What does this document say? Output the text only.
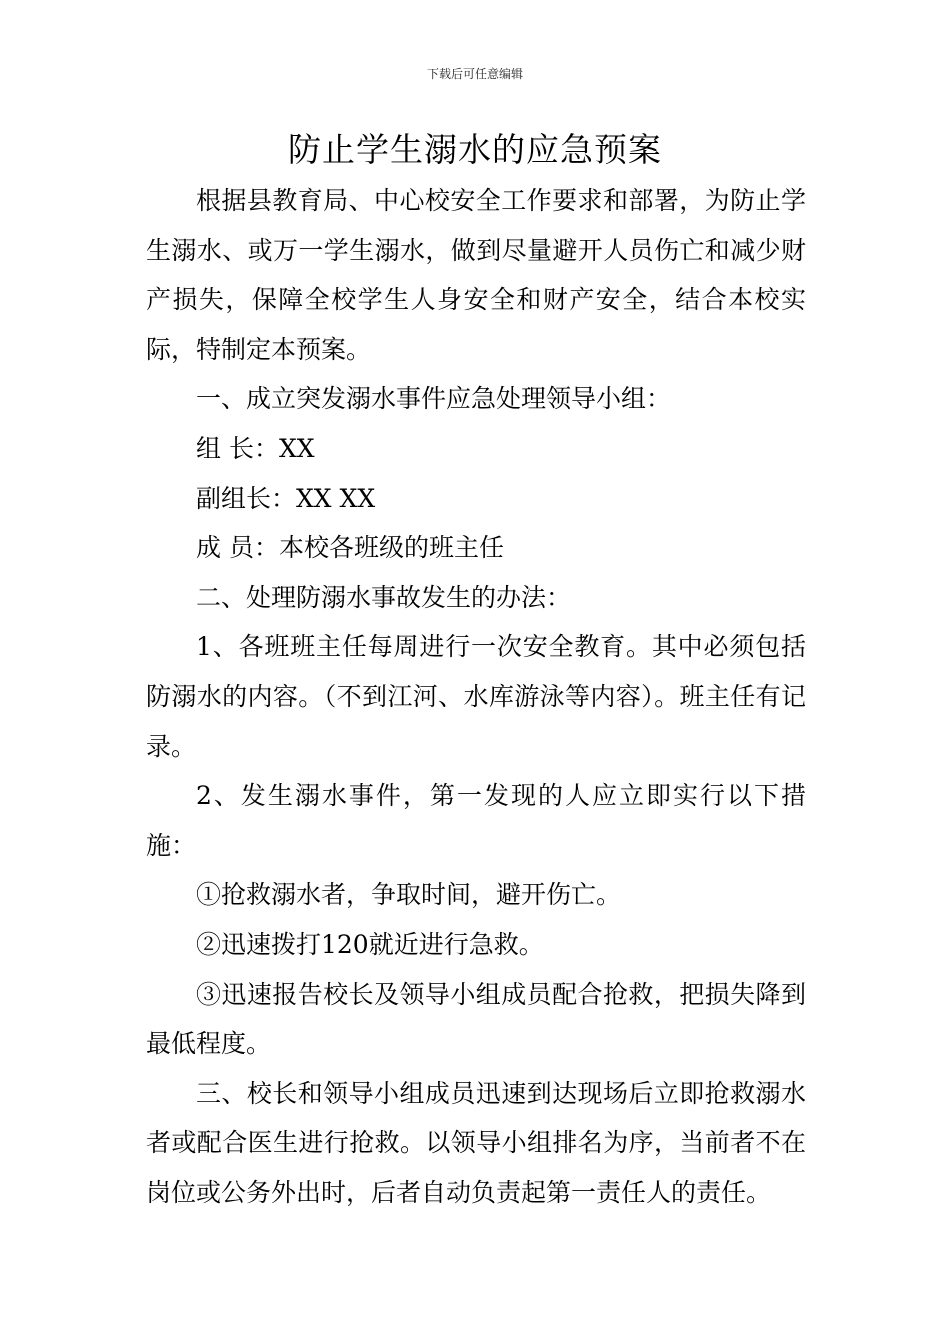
下载后可任意编辑
防止学生溺水的应急预案

根据县教育局、中心校安全工作要求和部署，为防止学生溺水、或万一学生溺水，做到尽量避开人员伤亡和减少财产损失，保障全校学生人身安全和财产安全，结合本校实际，特制定本预案。

一、成立突发溺水事件应急处理领导小组：

组 长：XX

副组长：XX XX

成 员：本校各班级的班主任

二、处理防溺水事故发生的办法：

1、各班班主任每周进行一次安全教育。其中必须包括防溺水的内容。（不到江河、水库游泳等内容）。班主任有记录。

2、发生溺水事件，第一发现的人应立即实行以下措施：

①抢救溺水者，争取时间，避开伤亡。

②迅速拨打120就近进行急救。

③迅速报告校长及领导小组成员配合抢救，把损失降到最低程度。

三、校长和领导小组成员迅速到达现场后立即抢救溺水者或配合医生进行抢救。以领导小组排名为序，当前者不在岗位或公务外出时，后者自动负责起第一责任人的责任。
